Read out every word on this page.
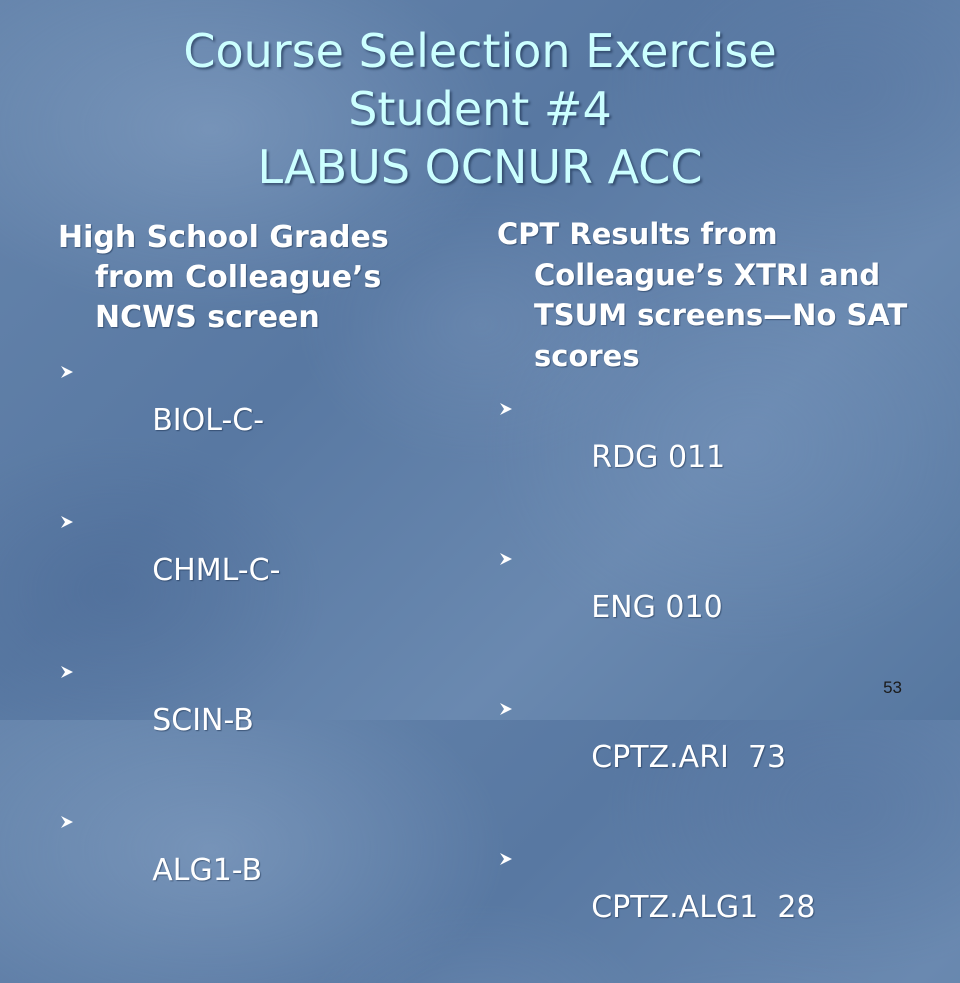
Course Selection Exercise
Student #4
LABUS OCNUR ACC
High School Grades from Colleague’s NCWS screen

BIOL-C-

CHML-C-

SCIN-B

ALG1-B

CPT Results from Colleague’s XTRI and TSUM screens—No SAT scores

RDG 011

ENG 010

CPTZ.ARI  73

CPTZ.ALG1  28

53
